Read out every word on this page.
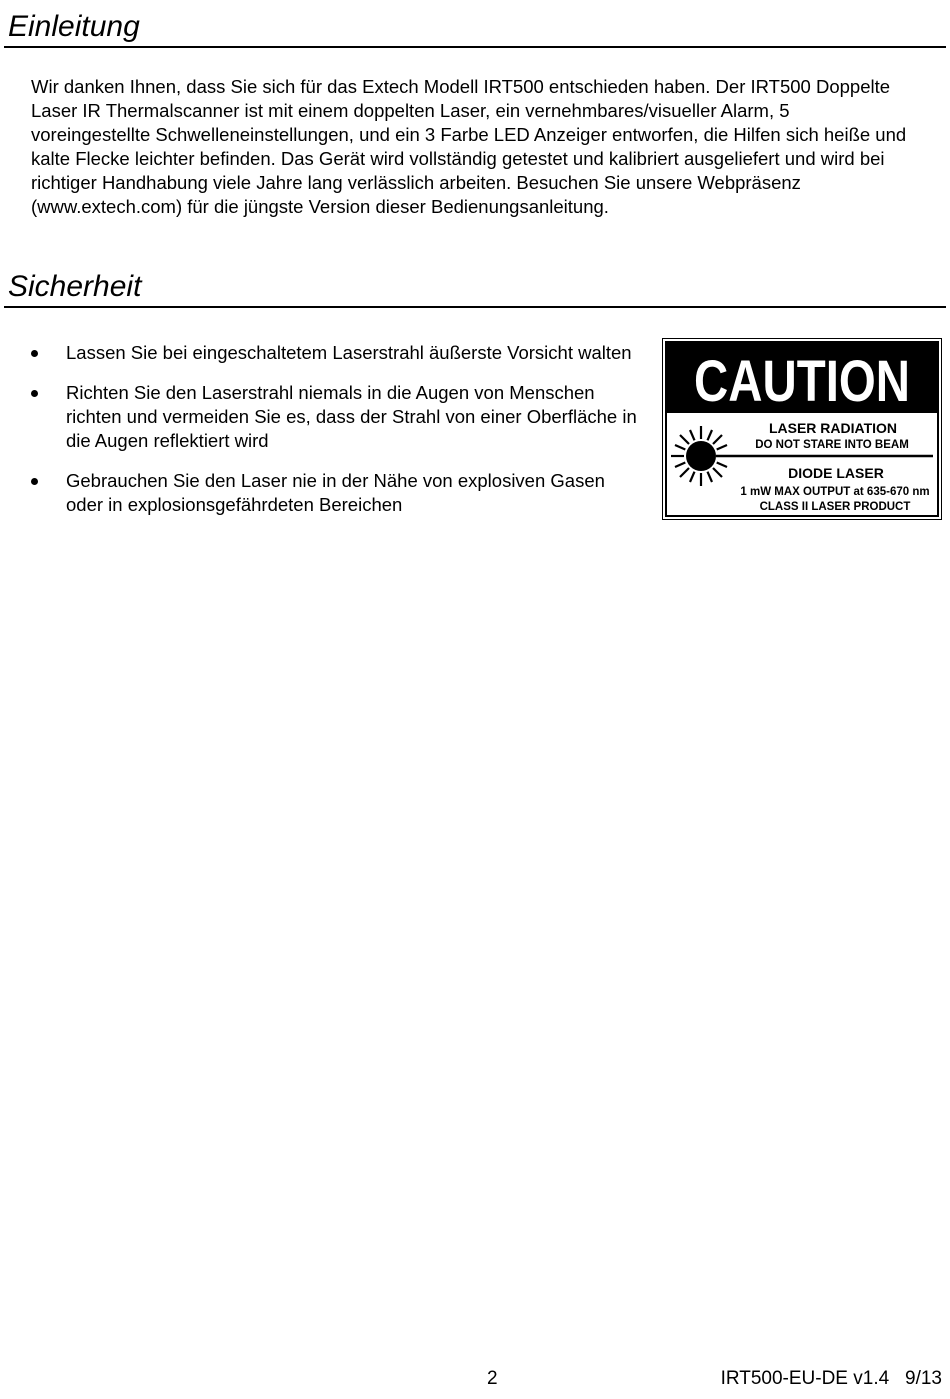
Einleitung

Wir danken Ihnen, dass Sie sich für das Extech Modell IRT500 entschieden haben. Der IRT500 Doppelte Laser IR Thermalscanner ist mit einem doppelten Laser, ein vernehmbares/visueller Alarm, 5 voreingestellte Schwelleneinstellungen, und ein 3 Farbe LED Anzeiger entworfen, die Hilfen sich heiße und kalte Flecke leichter befinden. Das Gerät wird vollständig getestet und kalibriert ausgeliefert und wird bei richtiger Handhabung viele Jahre lang verlässlich arbeiten. Besuchen Sie unsere Webpräsenz (www.extech.com) für die jüngste Version dieser Bedienungsanleitung.

Sicherheit
Lassen Sie bei eingeschaltetem Laserstrahl äußerste Vorsicht walten
Richten Sie den Laserstrahl niemals in die Augen von Menschen richten und vermeiden Sie es, dass der Strahl von einer Oberfläche in die Augen reflektiert wird
Gebrauchen Sie den Laser nie in der Nähe von explosiven Gasen oder in explosionsgefährdeten Bereichen
CAUTION
LASER RADIATION
DO NOT STARE INTO BEAM
DIODE LASER
1 mW MAX OUTPUT at 635-670 nm
CLASS II LASER PRODUCT
2	IRT500-EU-DE v1.4   9/13
